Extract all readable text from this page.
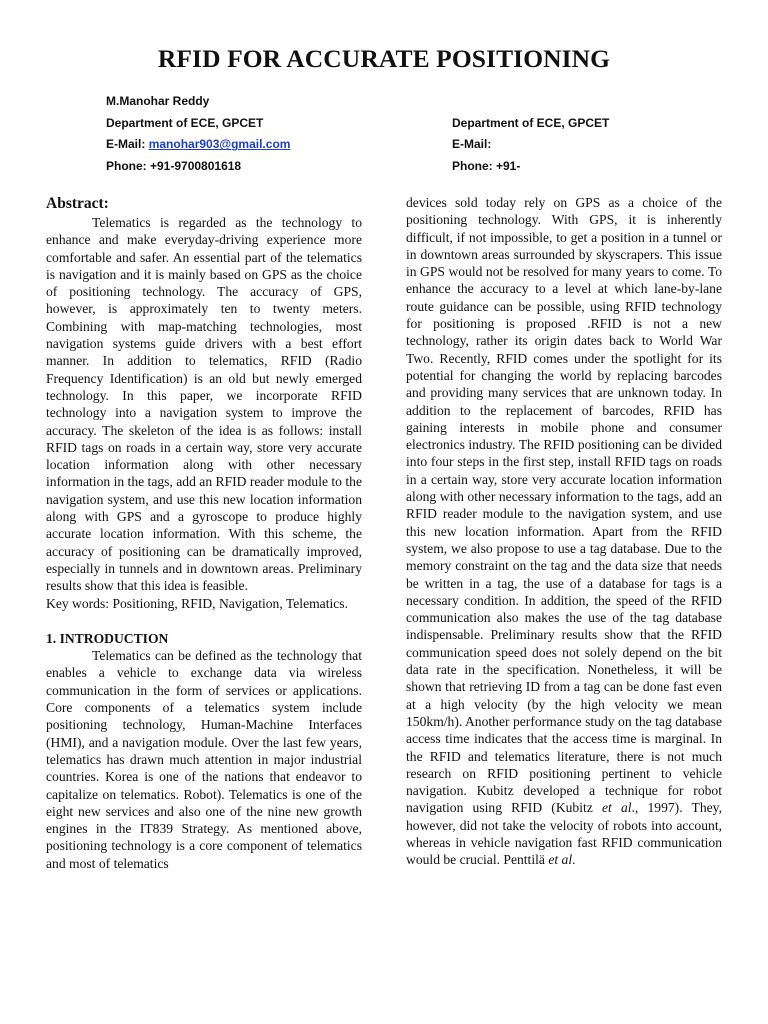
RFID FOR ACCURATE POSITIONING
M.Manohar Reddy
Department of ECE, GPCET
E-Mail: manohar903@gmail.com
Phone: +91-9700801618
Department of ECE, GPCET
E-Mail:
Phone: +91-

Abstract:

Telematics is regarded as the technology to enhance and make everyday-driving experience more comfortable and safer. An essential part of the telematics is navigation and it is mainly based on GPS as the choice of positioning technology. The accuracy of GPS, however, is approximately ten to twenty meters. Combining with map-matching technologies, most navigation systems guide drivers with a best effort manner. In addition to telematics, RFID (Radio Frequency Identification) is an old but newly emerged technology. In this paper, we incorporate RFID technology into a navigation system to improve the accuracy. The skeleton of the idea is as follows: install RFID tags on roads in a certain way, store very accurate location information along with other necessary information in the tags, add an RFID reader module to the navigation system, and use this new location information along with GPS and a gyroscope to produce highly accurate location information. With this scheme, the accuracy of positioning can be dramatically improved, especially in tunnels and in downtown areas. Preliminary results show that this idea is feasible.

Key words: Positioning, RFID, Navigation, Telematics.

1. INTRODUCTION

Telematics can be defined as the technology that enables a vehicle to exchange data via wireless communication in the form of services or applications. Core components of a telematics system include positioning technology, Human-Machine Interfaces (HMI), and a navigation module. Over the last few years, telematics has drawn much attention in major industrial countries. Korea is one of the nations that endeavor to capitalize on telematics. Robot). Telematics is one of the eight new services and also one of the nine new growth engines in the IT839 Strategy. As mentioned above, positioning technology is a core component of telematics and most of telematics

devices sold today rely on GPS as a choice of the positioning technology. With GPS, it is inherently difficult, if not impossible, to get a position in a tunnel or in downtown areas surrounded by skyscrapers. This issue in GPS would not be resolved for many years to come. To enhance the accuracy to a level at which lane-by-lane route guidance can be possible, using RFID technology for positioning is proposed .RFID is not a new technology, rather its origin dates back to World War Two. Recently, RFID comes under the spotlight for its potential for changing the world by replacing barcodes and providing many services that are unknown today. In addition to the replacement of barcodes, RFID has gaining interests in mobile phone and consumer electronics industry. The RFID positioning can be divided into four steps in the first step, install RFID tags on roads in a certain way, store very accurate location information along with other necessary information to the tags, add an RFID reader module to the navigation system, and use this new location information. Apart from the RFID system, we also propose to use a tag database. Due to the memory constraint on the tag and the data size that needs be written in a tag, the use of a database for tags is a necessary condition. In addition, the speed of the RFID communication also makes the use of the tag database indispensable. Preliminary results show that the RFID communication speed does not solely depend on the bit data rate in the specification. Nonetheless, it will be shown that retrieving ID from a tag can be done fast even at a high velocity (by the high velocity we mean 150km/h). Another performance study on the tag database access time indicates that the access time is marginal. In the RFID and telematics literature, there is not much research on RFID positioning pertinent to vehicle navigation. Kubitz developed a technique for robot navigation using RFID (Kubitz et al., 1997). They, however, did not take the velocity of robots into account, whereas in vehicle navigation fast RFID communication would be crucial. Penttilä et al.
